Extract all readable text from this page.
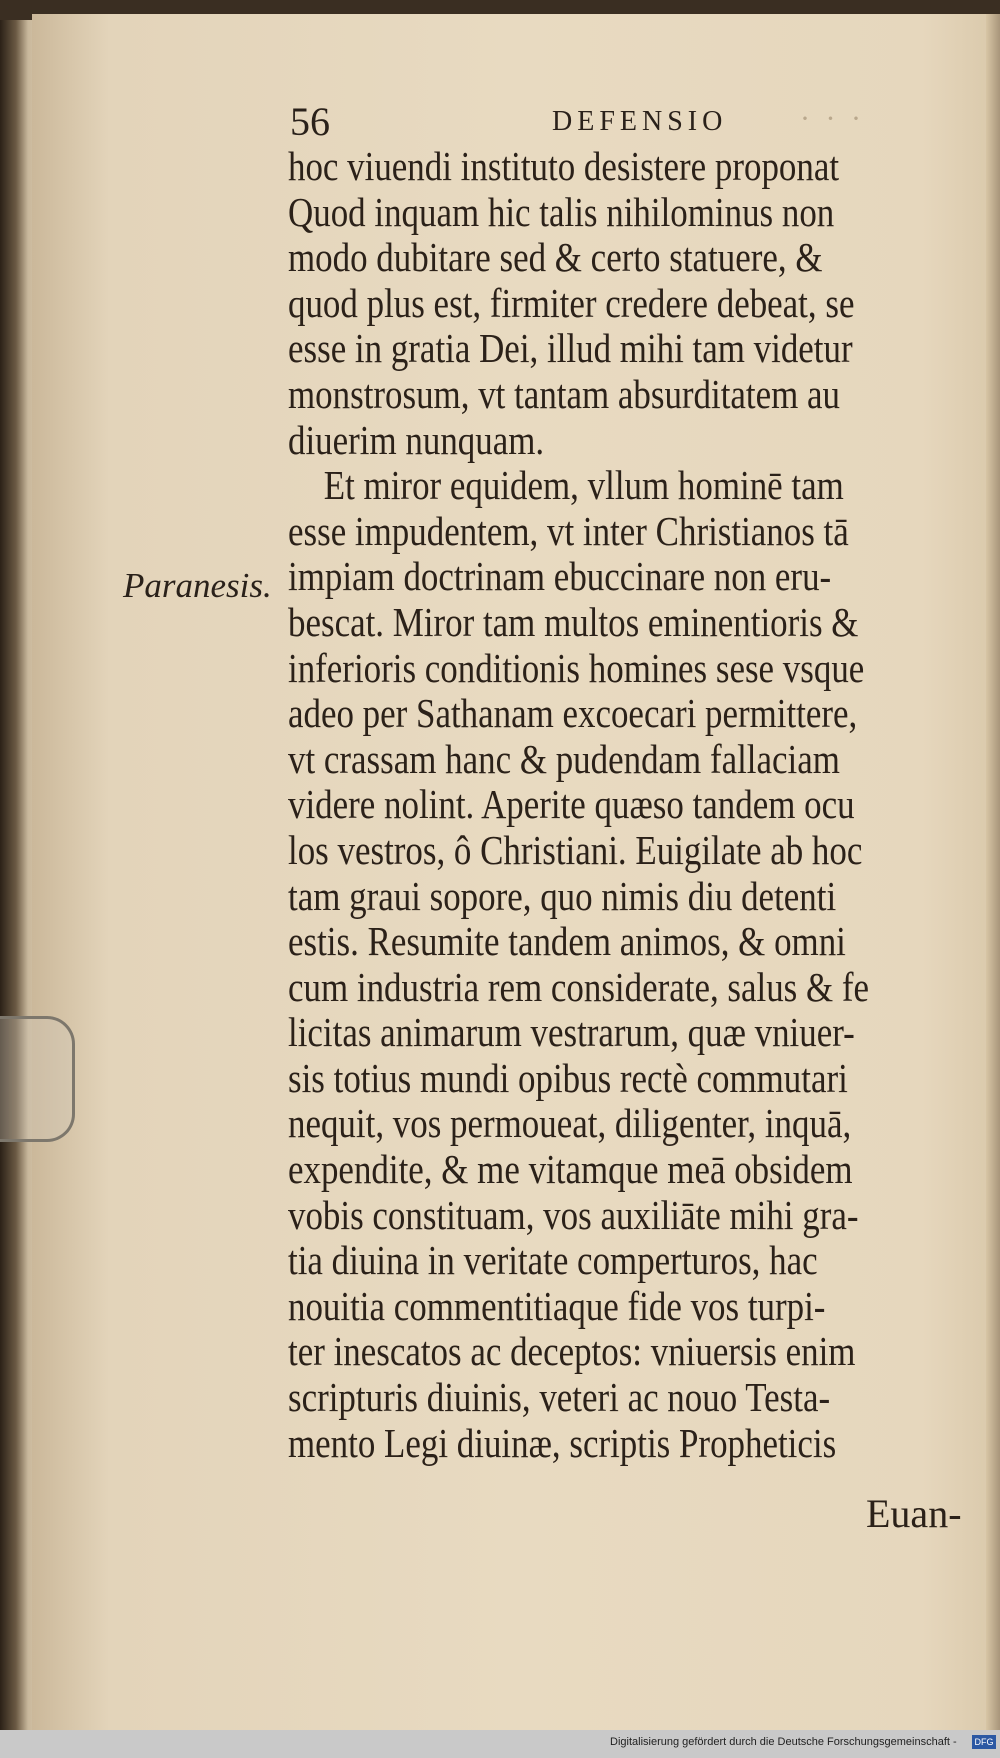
56	DEFENSIO · · ·
Paranesis.
hoc viuendi instituto desistere proponat
Quod inquam hic talis nihilominus non
modo dubitare sed & certo statuere, &
quod plus est, firmiter credere debeat, se
esse in gratia Dei, illud mihi tam videtur
monstrosum, vt tantam absurditatem au
diuerim nunquam.
Et miror equidem, vllum hominē tam
esse impudentem, vt inter Christianos tā
impiam doctrinam ebuccinare non eru-
bescat. Miror tam multos eminentioris &
inferioris conditionis homines sese vsque
adeo per Sathanam excoecari permittere,
vt crassam hanc & pudendam fallaciam
videre nolint. Aperite quæso tandem ocu
los vestros, ô Christiani. Euigilate ab hoc
tam graui sopore, quo nimis diu detenti
estis. Resumite tandem animos, & omni
cum industria rem considerate, salus & fe
licitas animarum vestrarum, quæ vniuer-
sis totius mundi opibus rectè commutari
nequit, vos permoueat, diligenter, inquā,
expendite, & me vitamque meā obsidem
vobis constituam, vos auxiliāte mihi gra-
tia diuina in veritate comperturos, hac
nouitia commentitiaque fide vos turpi-
ter inescatos ac deceptos: vniuersis enim
scripturis diuinis, veteri ac nouo Testa-
mento Legi diuinæ, scriptis Propheticis
Euan-
Digitalisierung gefördert durch die Deutsche Forschungsgemeinschaft - DFG
